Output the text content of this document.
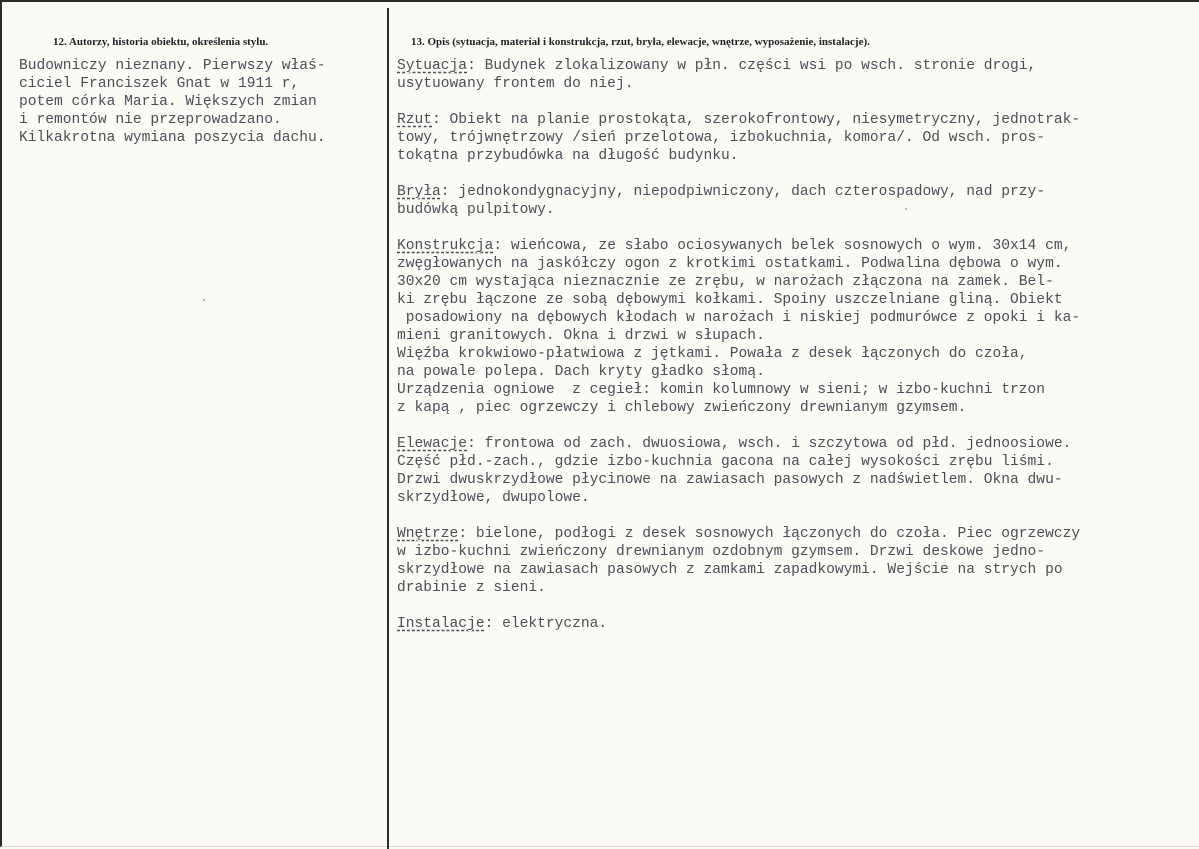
12. Autorzy, historia obiektu, określenia stylu.	13. Opis (sytuacja, materiał i konstrukcja, rzut, bryła, elewacje, wnętrze, wyposażenie, instalacje).

Budowniczy nieznany. Pierwszy właś-

ciciel Franciszek Gnat w 1911 r,

potem córka Maria. Większych zmian

i remontów nie przeprowadzano.

Kilkakrotna wymiana poszycia dachu.

Sytuacja: Budynek zlokalizowany w płn. części wsi po wsch. stronie drogi,

usytuowany frontem do niej.

Rzut: Obiekt na planie prostokąta, szerokofrontowy, niesymetryczny, jednotrak-

towy, trójwnętrzowy /sień przelotowa, izbokuchnia, komora/. Od wsch. pros-

tokątna przybudówka na długość budynku.

Bryła: jednokondygnacyjny, niepodpiwniczony, dach czterospadowy, nad przy-

budówką pulpitowy.

Konstrukcja: wieńcowa, ze słabo ociosywanych belek sosnowych o wym. 30x14 cm,

zwęgłowanych na jaskółczy ogon z krotkimi ostatkami. Podwalina dębowa o wym.

30x20 cm wystająca nieznacznie ze zrębu, w narożach złączona na zamek. Bel-

ki zrębu łączone ze sobą dębowymi kołkami. Spoiny uszczelniane gliną. Obiekt

posadowiony na dębowych kłodach w narożach i niskiej podmurówce z opoki i ka-

mieni granitowych. Okna i drzwi w słupach.

Więźba krokwiowo-płatwiowa z jętkami. Powała z desek łączonych do czoła,

na powale polepa. Dach kryty gładko słomą.

Urządzenia ogniowe  z cegieł: komin kolumnowy w sieni; w izbo-kuchni trzon

z kapą , piec ogrzewczy i chlebowy zwieńczony drewnianym gzymsem.

Elewacje: frontowa od zach. dwuosiowa, wsch. i szczytowa od płd. jednoosiowe.

Część płd.-zach., gdzie izbo-kuchnia gacona na całej wysokości zrębu liśmi.

Drzwi dwuskrzydłowe płycinowe na zawiasach pasowych z nadświetlem. Okna dwu-

skrzydłowe, dwupolowe.

Wnętrze: bielone, podłogi z desek sosnowych łączonych do czoła. Piec ogrzewczy

w izbo-kuchni zwieńczony drewnianym ozdobnym gzymsem. Drzwi deskowe jedno-

skrzydłowe na zawiasach pasowych z zamkami zapadkowymi. Wejście na strych po

drabinie z sieni.

Instalacje: elektryczna.
